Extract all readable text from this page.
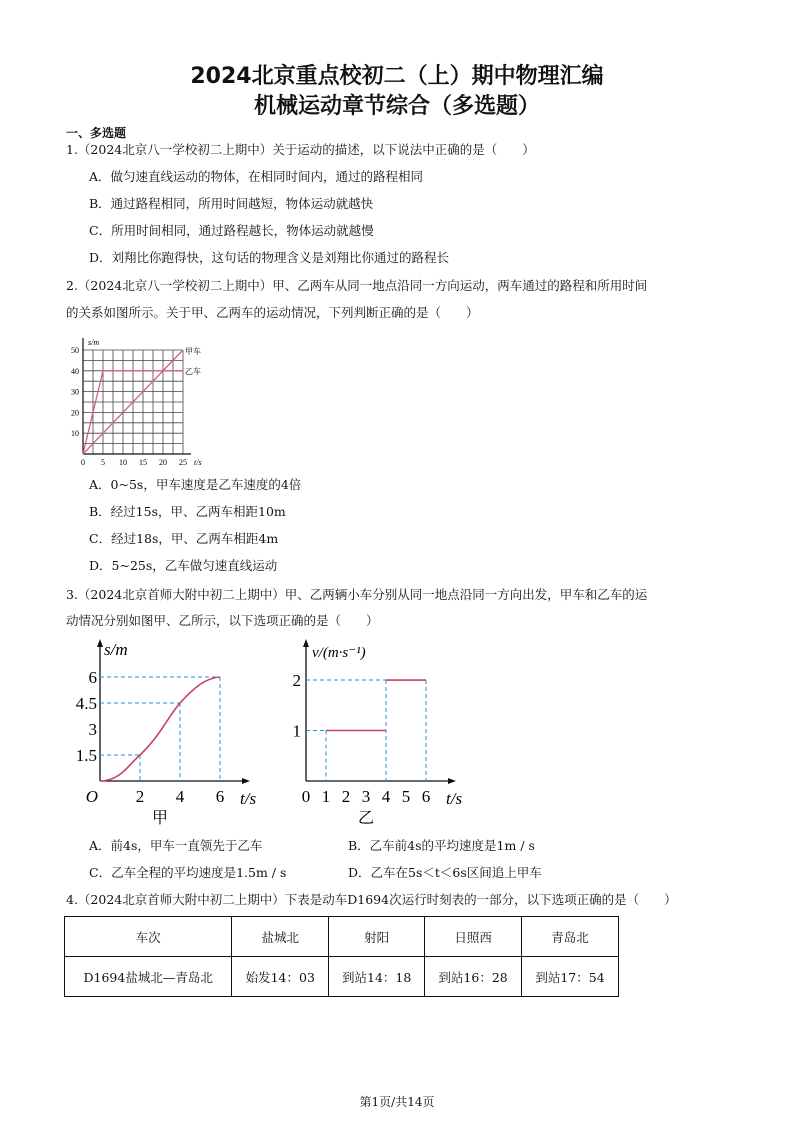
2024北京重点校初二（上）期中物理汇编
机械运动章节综合（多选题）
一、多选题
1.（2024北京八一学校初二上期中）关于运动的描述，以下说法中正确的是（　　）
A．做匀速直线运动的物体，在相同时间内，通过的路程相同
B．通过路程相同，所用时间越短，物体运动就越快
C．所用时间相同，通过路程越长，物体运动就越慢
D．刘翔比你跑得快，这句话的物理含义是刘翔比你通过的路程长
2.（2024北京八一学校初二上期中）甲、乙两车从同一地点沿同一方向运动，两车通过的路程和所用时间
的关系如图所示。关于甲、乙两车的运动情况，下列判断正确的是（　　）
s/m
50
40
30
20
10
0 5 10 15 20 25 t/s
甲车
乙车
A．0~5s，甲车速度是乙车速度的4倍
B．经过15s，甲、乙两车相距10m
C．经过18s，甲、乙两车相距4m
D．5~25s，乙车做匀速直线运动
3.（2024北京首师大附中初二上期中）甲、乙两辆小车分别从同一地点沿同一方向出发，甲车和乙车的运
动情况分别如图甲、乙所示，以下选项正确的是（　　）
s/m
6
4.5
3
1.5
2 4 6
O	t/s
甲
v/(m·s⁻¹)
2
1
0 1 2 3 4 5 6 t/s
乙
A．前4s，甲车一直领先于乙车	B．乙车前4s的平均速度是1m / s
C．乙车全程的平均速度是1.5m / s	D．乙车在5s＜t＜6s区间追上甲车
4.（2024北京首师大附中初二上期中）下表是动车D1694次运行时刻表的一部分，以下选项正确的是（　　）
车次	盐城北	射阳	日照西	青岛北
D1694盐城北—青岛北	始发14：03	到站14：18	到站16：28	到站17：54
第1页/共14页
